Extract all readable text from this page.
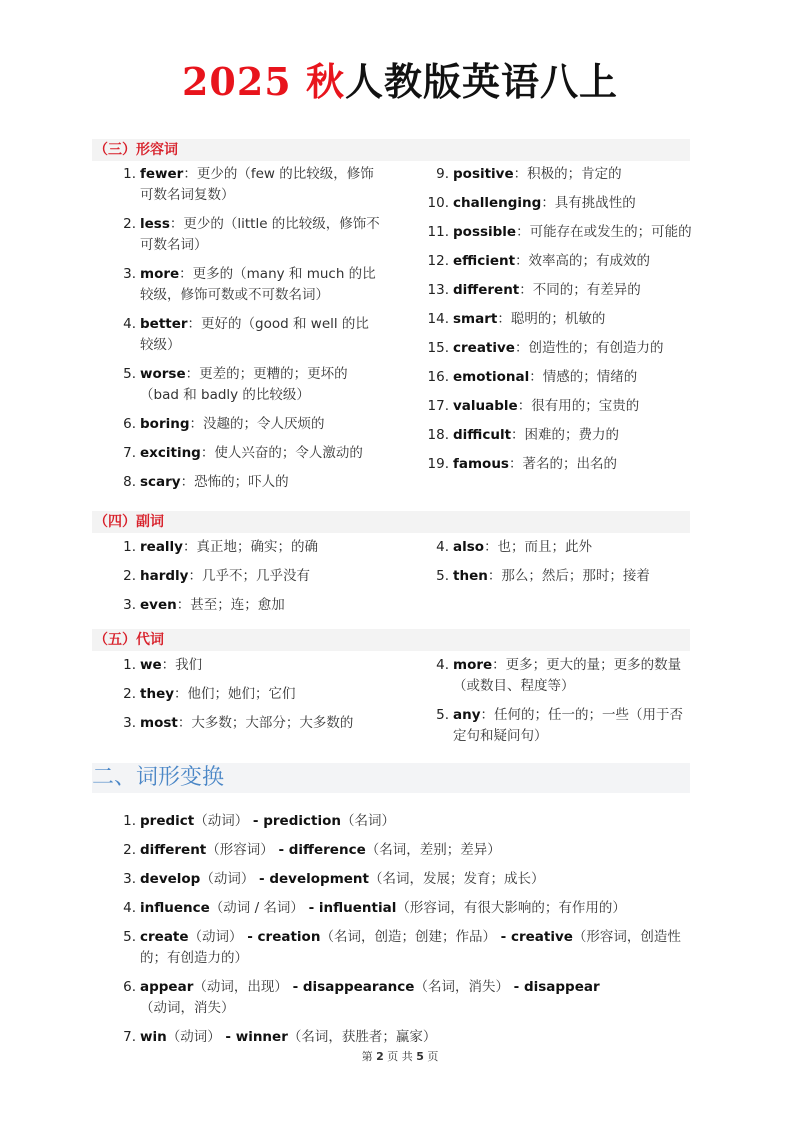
2025 秋人教版英语八上
（三）形容词
1. fewer：更少的（few 的比较级，修饰可数名词复数）
2. less：更少的（little 的比较级，修饰不可数名词）
3. more：更多的（many 和 much 的比较级，修饰可数或不可数名词）
4. better：更好的（good 和 well 的比较级）
5. worse：更差的；更糟的；更坏的（bad 和 badly 的比较级）
6. boring：没趣的；令人厌烦的
7. exciting：使人兴奋的；令人激动的
8. scary：恐怖的；吓人的
9. positive：积极的；肯定的
10. challenging：具有挑战性的
11. possible：可能存在或发生的；可能的
12. efficient：效率高的；有成效的
13. different：不同的；有差异的
14. smart：聪明的；机敏的
15. creative：创造性的；有创造力的
16. emotional：情感的；情绪的
17. valuable：很有用的；宝贵的
18. difficult：困难的；费力的
19. famous：著名的；出名的
（四）副词
1. really：真正地；确实；的确
2. hardly：几乎不；几乎没有
3. even：甚至；连；愈加
4. also：也；而且；此外
5. then：那么；然后；那时；接着
（五）代词
1. we：我们
2. they：他们；她们；它们
3. most：大多数；大部分；大多数的
4. more：更多；更大的量；更多的数量（或数目、程度等）
5. any：任何的；任一的；一些（用于否定句和疑问句）
二、词形变换
1. predict（动词） - prediction（名词）
2. different（形容词） - difference（名词，差别；差异）
3. develop（动词） - development（名词，发展；发育；成长）
4. influence（动词 / 名词） - influential（形容词，有很大影响的；有作用的）
5. create（动词） - creation（名词，创造；创建；作品） - creative（形容词，创造性的；有创造力的）
6. appear（动词，出现） - disappearance（名词，消失） - disappear（动词，消失）
7. win（动词） - winner（名词，获胜者；赢家）
第 2 页 共 5 页
